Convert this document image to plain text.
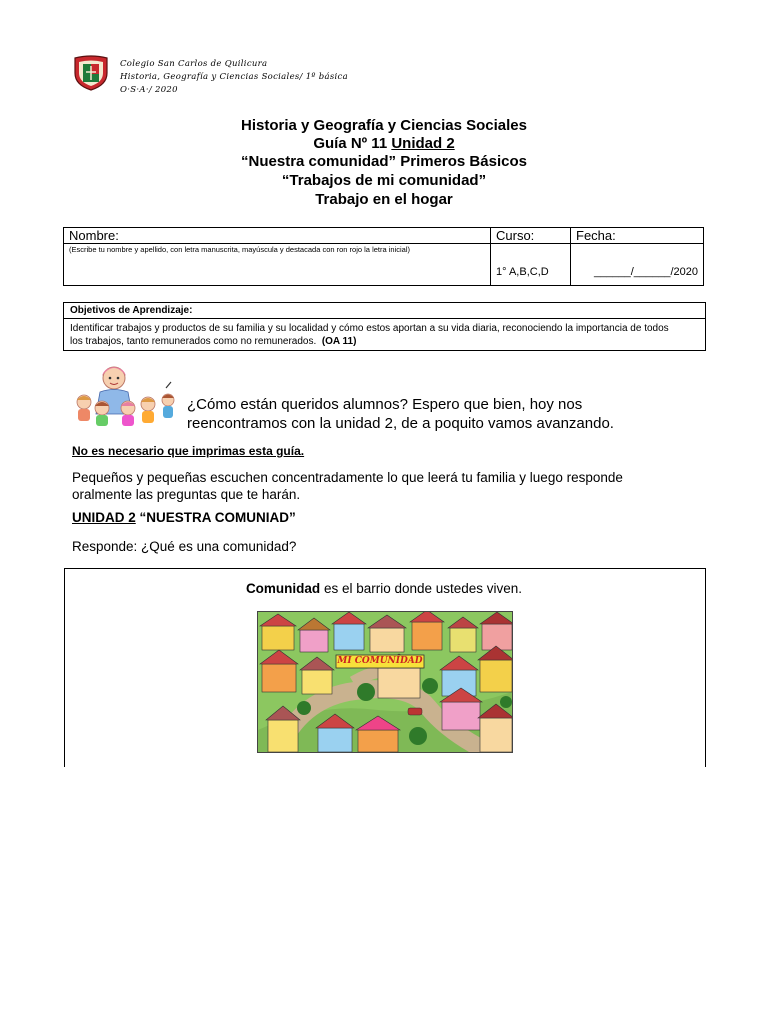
Colegio San Carlos de Quilicura
Historia, Geografía y Ciencias Sociales/ 1º básica
O·S·A·/ 2020
Historia y Geografía y Ciencias Sociales
Guía Nº 11 Unidad 2
“Nuestra comunidad” Primeros Básicos
“Trabajos de mi comunidad”
Trabajo en el hogar
Nombre:	Curso:	Fecha:
(Escribe tu nombre y apellido, con letra manuscrita, mayúscula y destacada con ron rojo la letra inicial)	1° A,B,C,D	______/______/2020
Objetivos de Aprendizaje:
Identificar trabajos y productos de su familia y su localidad y cómo estos aportan a su vida diaria, reconociendo la importancia de todos los trabajos, tanto remunerados como no remunerados. (OA 11)
¿Cómo están queridos alumnos? Espero que bien, hoy nos
reencontramos con la unidad 2, de a poquito vamos avanzando.
No es necesario que imprimas esta guía.
Pequeños y pequeñas escuchen concentradamente lo que leerá tu familia y luego responde
oralmente las preguntas que te harán.
UNIDAD 2 “NUESTRA COMUNIAD”
Responde: ¿Qué es una comunidad?
Comunidad es el barrio donde ustedes viven.
MI COMUNIDAD
